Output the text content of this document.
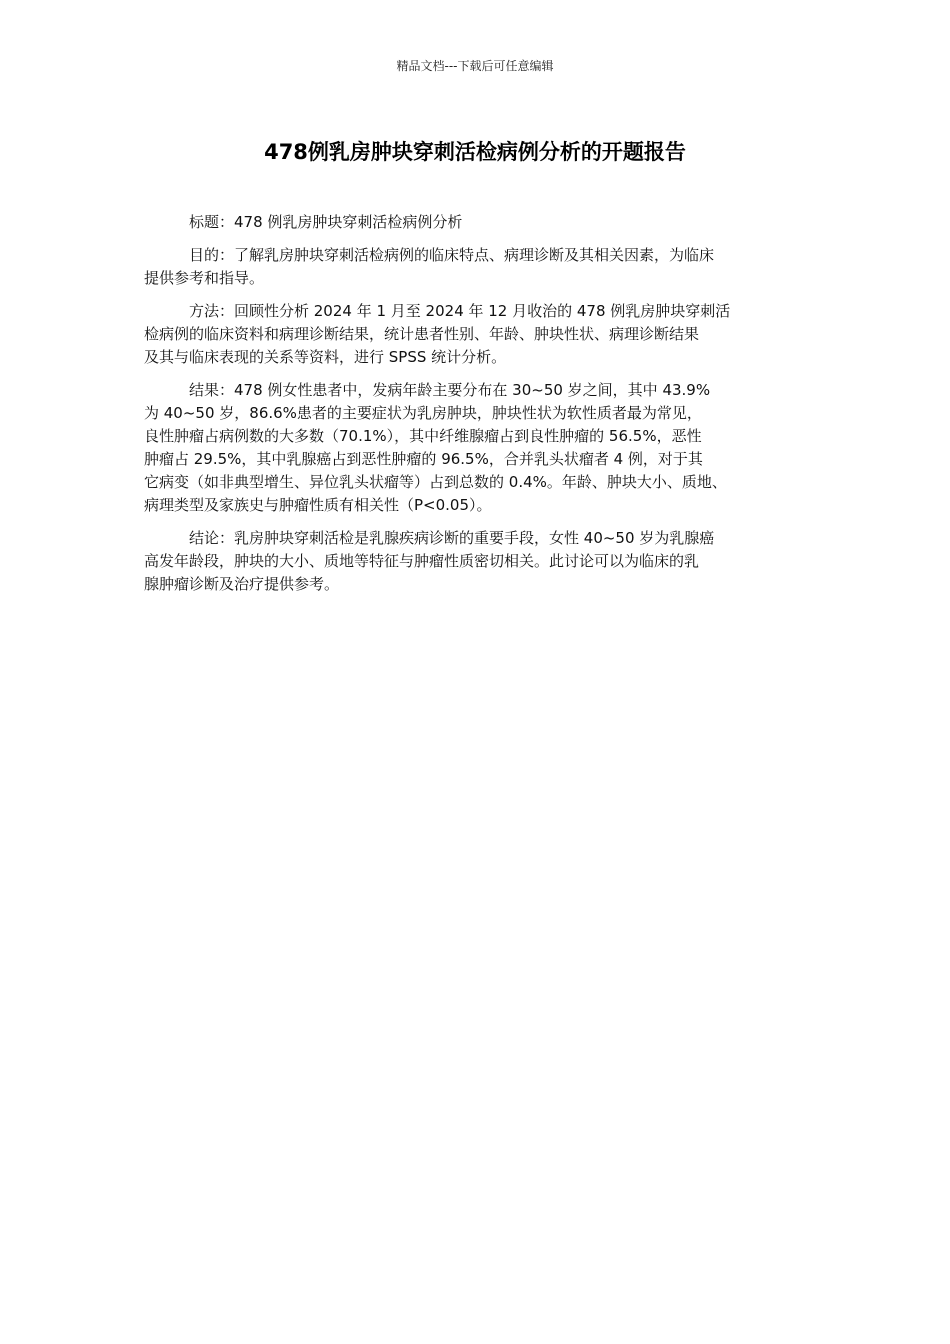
精品文档---下载后可任意编辑
478例乳房肿块穿刺活检病例分析的开题报告

标题：478 例乳房肿块穿刺活检病例分析

目的：了解乳房肿块穿刺活检病例的临床特点、病理诊断及其相关因素，为临床
提供参考和指导。

方法：回顾性分析 2024 年 1 月至 2024 年 12 月收治的 478 例乳房肿块穿刺活
检病例的临床资料和病理诊断结果，统计患者性别、年龄、肿块性状、病理诊断结果
及其与临床表现的关系等资料，进行 SPSS 统计分析。

结果：478 例女性患者中，发病年龄主要分布在 30~50 岁之间，其中 43.9%
为 40~50 岁，86.6%患者的主要症状为乳房肿块，肿块性状为软性质者最为常见，
良性肿瘤占病例数的大多数（70.1%），其中纤维腺瘤占到良性肿瘤的 56.5%，恶性
肿瘤占 29.5%，其中乳腺癌占到恶性肿瘤的 96.5%，合并乳头状瘤者 4 例，对于其
它病变（如非典型增生、异位乳头状瘤等）占到总数的 0.4%。年龄、肿块大小、质地、
病理类型及家族史与肿瘤性质有相关性（P<0.05）。

结论：乳房肿块穿刺活检是乳腺疾病诊断的重要手段，女性 40~50 岁为乳腺癌
高发年龄段，肿块的大小、质地等特征与肿瘤性质密切相关。此讨论可以为临床的乳
腺肿瘤诊断及治疗提供参考。
